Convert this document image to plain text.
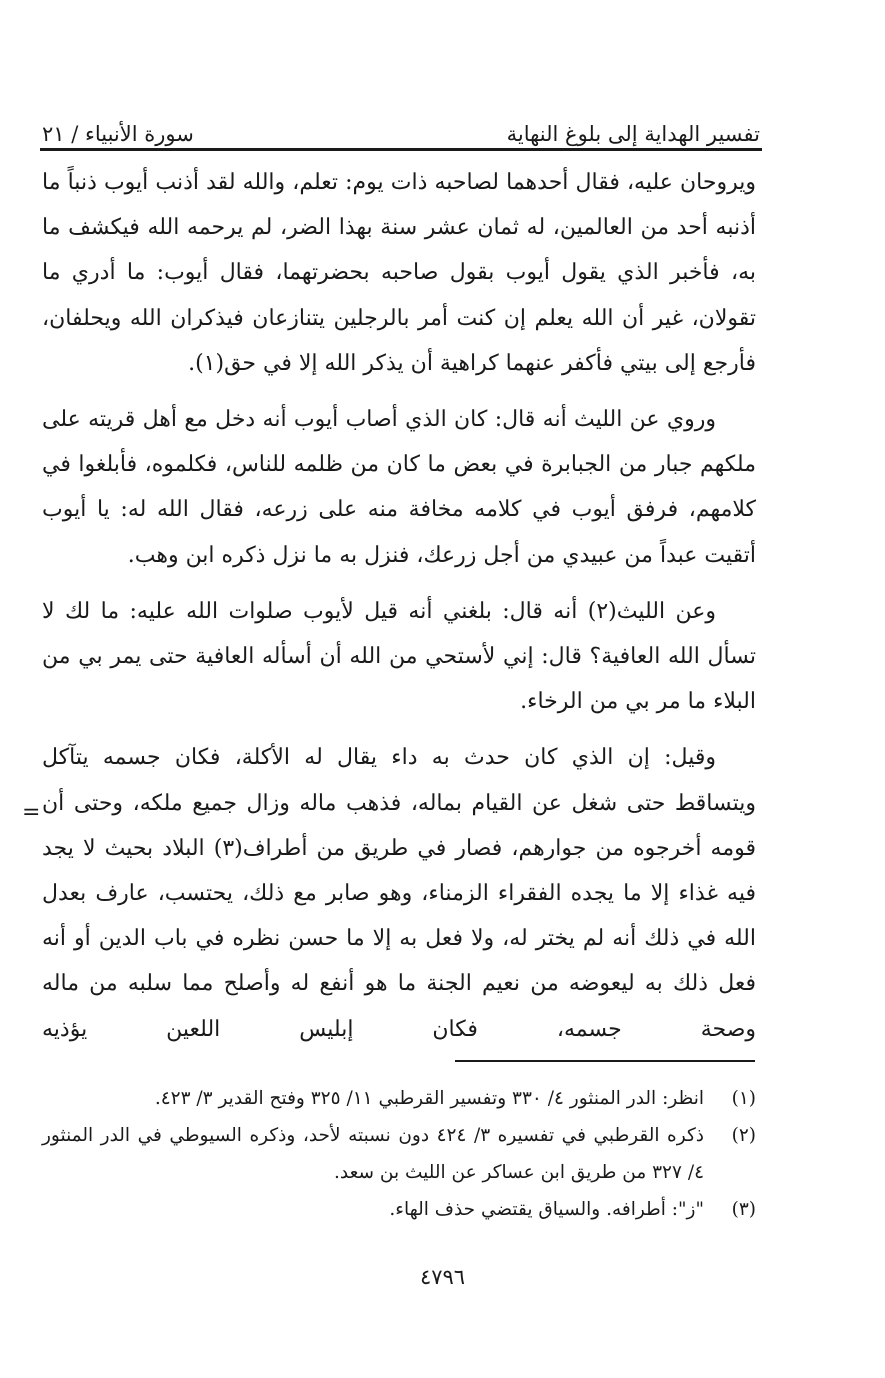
تفسير الهداية إلى بلوغ النهاية
سورة الأنبياء / ٢١

ويروحان عليه، فقال أحدهما لصاحبه ذات يوم: تعلم، والله لقد أذنب أيوب ذنباً ما أذنبه أحد من العالمين، له ثمان عشر سنة بهذا الضر، لم يرحمه الله فيكشف ما به، فأخبر الذي يقول أيوب بقول صاحبه بحضرتهما، فقال أيوب: ما أدري ما تقولان، غير أن الله يعلم إن كنت أمر بالرجلين يتنازعان فيذكران الله ويحلفان، فأرجع إلى بيتي فأكفر عنهما كراهية أن يذكر الله إلا في حق(١).

وروي عن الليث أنه قال: كان الذي أصاب أيوب أنه دخل مع أهل قريته على ملكهم جبار من الجبابرة في بعض ما كان من ظلمه للناس، فكلموه، فأبلغوا في كلامهم، فرفق أيوب في كلامه مخافة منه على زرعه، فقال الله له: يا أيوب أتقيت عبداً من عبيدي من أجل زرعك، فنزل به ما نزل ذكره ابن وهب.

وعن الليث(٢) أنه قال: بلغني أنه قيل لأيوب صلوات الله عليه: ما لك لا تسأل الله العافية؟ قال: إني لأستحي من الله أن أسأله العافية حتى يمر بي من البلاء ما مر بي من الرخاء.

وقيل: إن الذي كان حدث به داء يقال له الأكلة، فكان جسمه يتآكل ويتساقط حتى شغل عن القيام بماله، فذهب ماله وزال جميع ملكه، وحتى أن قومه أخرجوه من جوارهم، فصار في طريق من أطراف(٣) البلاد بحيث لا يجد فيه غذاء إلا ما يجده الفقراء الزمناء، وهو صابر مع ذلك، يحتسب، عارف بعدل الله في ذلك أنه لم يختر له، ولا فعل به إلا ما حسن نظره في باب الدين أو أنه فعل ذلك به ليعوضه من نعيم الجنة ما هو أنفع له وأصلح مما سلبه من ماله وصحة جسمه، فكان إبليس اللعين يؤذيه

=
(١)
انظر: الدر المنثور ٤/ ٣٣٠ وتفسير القرطبي ١١/ ٣٢٥ وفتح القدير ٣/ ٤٢٣.
(٢)
ذكره القرطبي في تفسيره ٣/ ٤٢٤ دون نسبته لأحد، وذكره السيوطي في الدر المنثور ٤/ ٣٢٧ من طريق ابن عساكر عن الليث بن سعد.
(٣)
"ز": أطرافه. والسياق يقتضي حذف الهاء.
٤٧٩٦
